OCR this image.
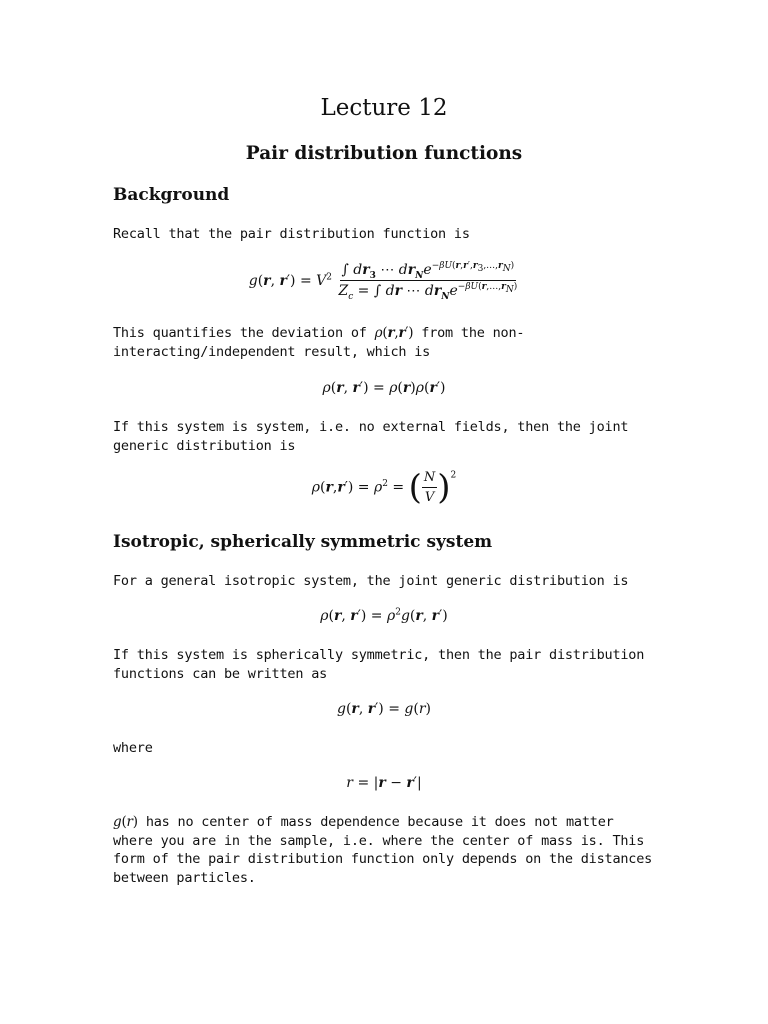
Lecture 12
Pair distribution functions
Background
Recall that the pair distribution function is
g(r, $r') = V^2 \frac{\int dr_3 \cdots dr_Ne^{-\beta U(r,r',r_3,\dots,r_N)}}{Z_c = \int dr \cdots dr_Ne^{-\beta U(r,\dots,r_N)}}$
This quantifies the deviation of ρ(r,r′) from the non-interacting/independent result, which is
ρ(r, r′) = ρ(r)ρ(r′)
If this system is system, i.e. no external fields, then the joint generic distribution is
$\rho(r,r') = \rho^2$ = ( $\frac{N}{V} )^2$
Isotropic, spherically symmetric system
For a general isotropic system, the joint generic distribution is
ρ(r, $r') = \rho^2g(r$, r′)
If this system is spherically symmetric, then the pair distribution functions can be written as
g(r, r′) = g(r)
where
r = |r − r′|
g(r) has no center of mass dependence because it does not matter where you are in the sample, i.e. where the center of mass is. This form of the pair distribution function only depends on the distances between particles.
